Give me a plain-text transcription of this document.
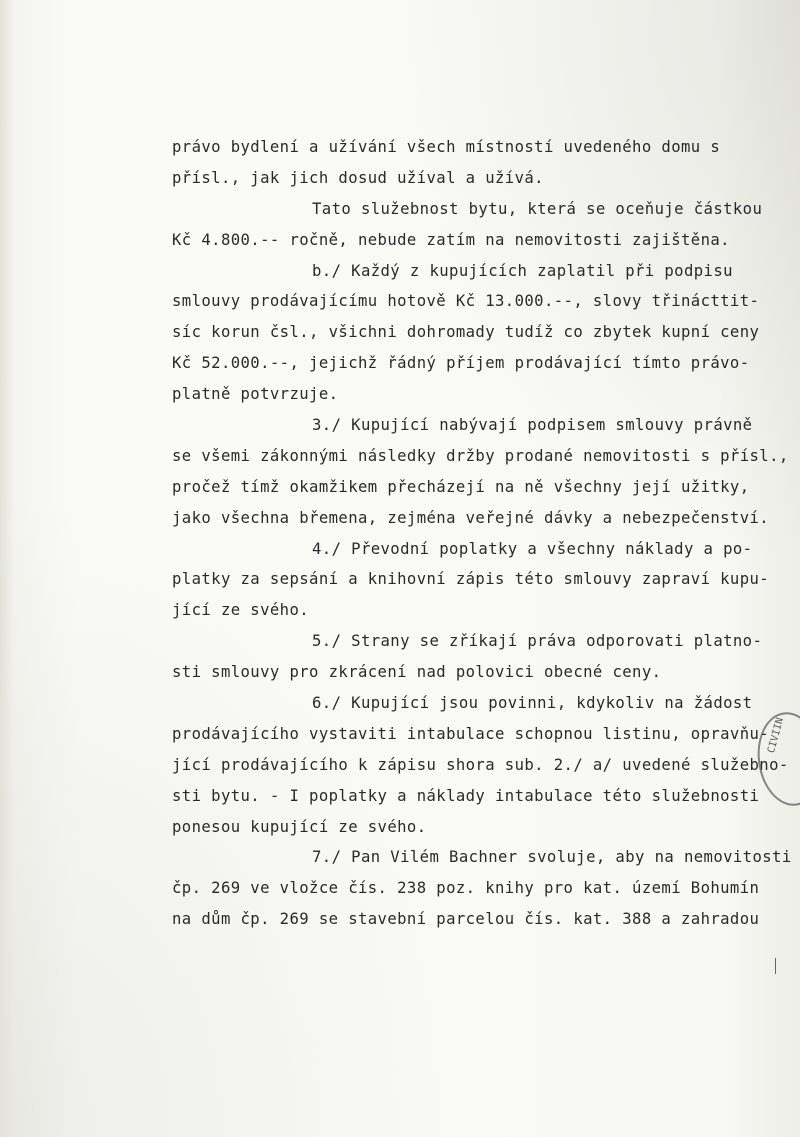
právo bydlení a užívání všech místností uvedeného domu s
přísl., jak jich dosud užíval a užívá.
Tato služebnost bytu, která se oceňuje částkou
Kč 4.800.-- ročně, nebude zatím na nemovitosti zajištěna.
b./ Každý z kupujících zaplatil při podpisu
smlouvy prodávajícímu hotově Kč 13.000.--, slovy třinácttit-
síc korun čsl., všichni dohromady tudíž co zbytek kupní ceny
Kč 52.000.--, jejichž řádný příjem prodávající tímto právo-
platně potvrzuje.
3./ Kupující nabývají podpisem smlouvy právně
se všemi zákonnými následky držby prodané nemovitosti s přísl.,
pročež tímž okamžikem přecházejí na ně všechny její užitky,
jako všechna břemena, zejména veřejné dávky a nebezpečenství.
4./ Převodní poplatky a všechny náklady a po-
platky za sepsání a knihovní zápis této smlouvy zapraví kupu-
jící ze svého.
5./ Strany se zříkají práva odporovati platno-
sti smlouvy pro zkrácení nad polovici obecné ceny.
6./ Kupující jsou povinni, kdykoliv na žádost
prodávajícího vystaviti intabulace schopnou listinu, opravňu-
jící prodávajícího k zápisu shora sub. 2./ a/ uvedené služebno-
sti bytu. - I poplatky a náklady intabulace této služebnosti
ponesou kupující ze svého.
7./ Pan Vilém Bachner svoluje, aby na nemovitosti
čp. 269 ve vložce čís. 238 poz. knihy pro kat. území Bohumín
na dům čp. 269 se stavební parcelou čís. kat. 388 a zahradou
CIVIIN
